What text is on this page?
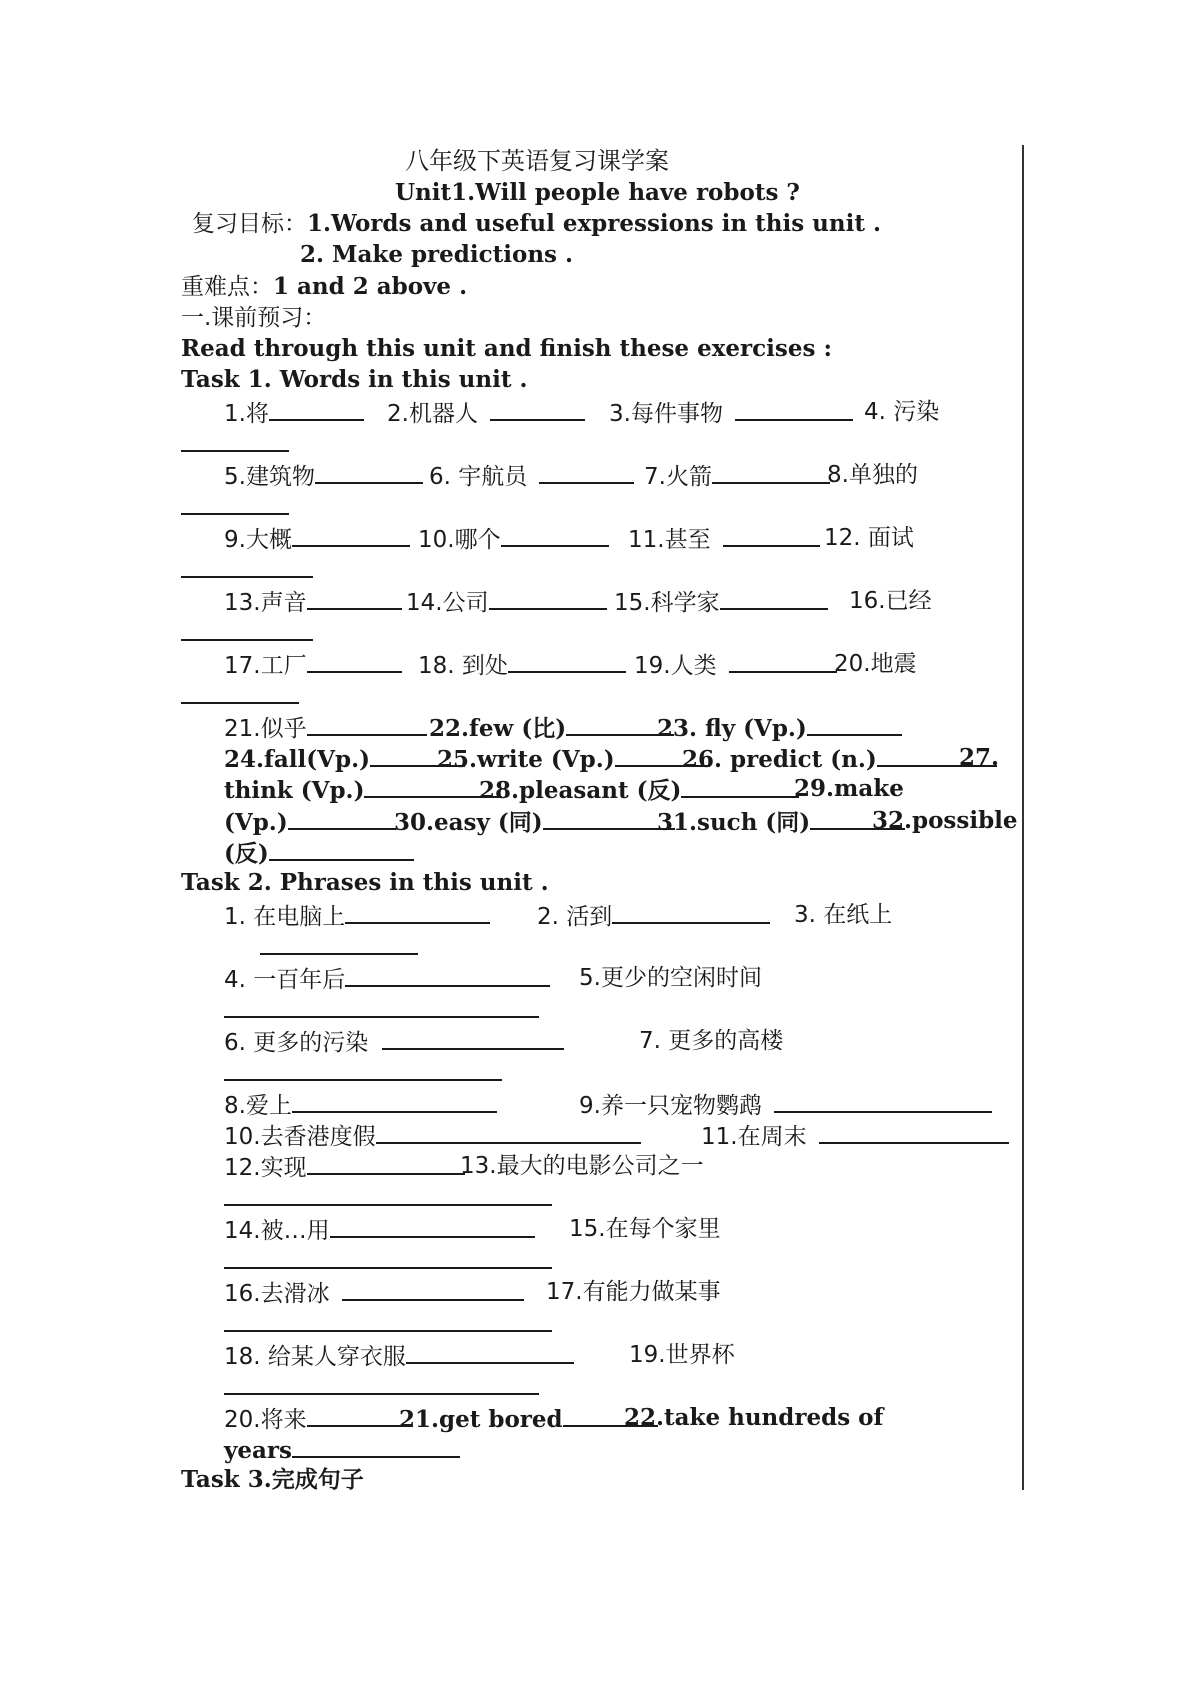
八年级下英语复习课学案
Unit1.Will people have robots ?
复习目标：1.Words and useful expressions in this unit .
2. Make predictions .
重难点：1 and 2 above .
一.课前预习：
Read through this unit and finish these exercises :
Task 1. Words in this unit .
1.将	2.机器人	3.每件事物	4. 污染
5.建筑物	6. 宇航员	7.火箭	8.单独的
9.大概	10.哪个	11.甚至	12. 面试
13.声音	14.公司	15.科学家	16.已经
17.工厂	18. 到处	19.人类	20.地震
21.似乎	22.few (比)	23. fly (Vp.)
24.fall(Vp.)	25.write (Vp.)	26. predict (n.)	27.
think (Vp.)	28.pleasant (反)	29.make
(Vp.)	30.easy (同)	31.such (同)	32.possible
(反)
Task 2. Phrases in this unit .
1. 在电脑上	2. 活到	3. 在纸上
4. 一百年后	5.更少的空闲时间
6. 更多的污染	7. 更多的高楼
8.爱上	9.养一只宠物鹦鹉
10.去香港度假	11.在周末
12.实现	13.最大的电影公司之一
14.被…用	15.在每个家里
16.去滑冰	17.有能力做某事
18. 给某人穿衣服	19.世界杯
20.将来	21.get bored	22.take hundreds of
years
Task 3.完成句子
